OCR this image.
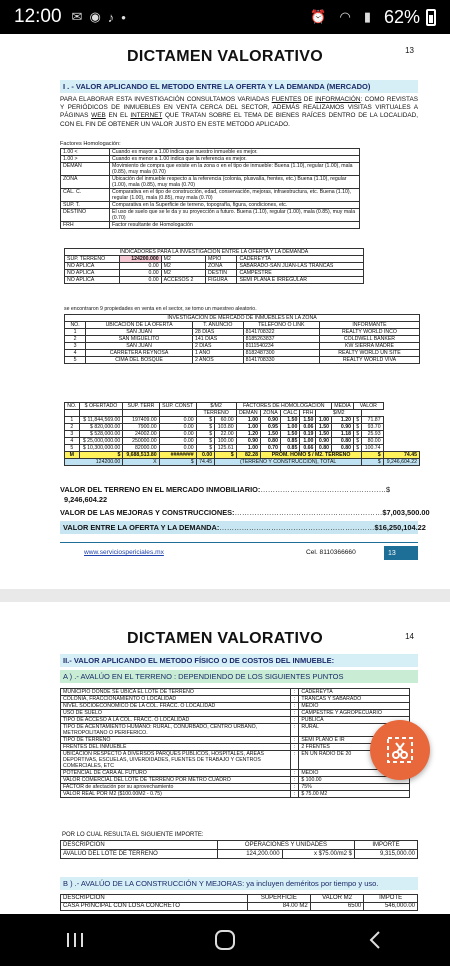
12:00 ✉ ◉ ♪ •	⏰ ◠ ▮ 62%
13
DICTAMEN VALORATIVO
I . - VALOR APLICANDO EL METODO ENTRE LA OFERTA Y LA DEMANDA (MERCADO)
PARA ELABORAR ESTA INVESTIGACIÓN CONSULTAMOS VARIADAS FUENTES DE INFORMACIÓN: COMO REVISTAS Y PERIÓDICOS DE INMUEBLES EN VENTA CERCA DEL SECTOR, ADEMÁS REALIZAMOS VISITAS VIRTUALES A PÁGINAS WEB EN EL INTERNET QUE TRATAN SOBRE EL TEMA DE BIENES RAÍCES DENTRO DE LA LOCALIDAD, CON EL FIN DE OBTENER UN VALOR JUSTO EN ESTE METODO APLICADO.
Factores Homologación:
1.00 <	Cuando es mayor a 1.00 indica que nuestro inmueble es mejor.
1.00 >	Cuando es menor a 1.00 indica que la referencia es mejor.
DEMAN	Movimiento de compra que existe en la zona o en el tipo de inmueble: Buena (1.10), regular (1.00), mala (0.85), muy mala (0.70)
ZONA	Ubicación del inmueble respecto a la referencia (colonia, plusvalía, frentes, etc.) Buena (1.10), regular (1.00), mala (0.85), muy mala (0.70)
CAL. C.	Comparativa en el tipo de construcción, edad, conservación, mejoras, infraestructura, etc. Buena (1.10), regular (1.00), mala (0.85), muy mala (0.70)
SUP. T.	Comparativa en la Superficie de terreno, topografía, figura, condiciones, etc.
DESTINO	El uso de suelo que se le da y su proyección a futuro. Buena (1.10), regular (1.00), mala (0.85), muy mala (0.70)
FRH	Factor resultante de Homologación
INDICADORES PARA LA INVESTIGACION ENTRE LA OFERTA Y LA DEMANDA				
SUP. TERRENO	124200.000	M2	MPIO	CADEREYTA
NO APLICA	0.00	M2	ZONA	SABARADO-SAN JUAN-LAS TRANCAS
NO APLICA	0.00	M2	DESTIN	CAMPESTRE
NO APLICA	0.00	ACCESOS 2	FIGURA	SEMI PLANA E IRREGULAR
se encontraron 9 propiedades en venta en el sector, se tomo un muestreo aleatorio.
INVESTIGACION DE MERCADO DE INMUEBLES EN LA ZONA				
NO.	UBICACIÓN DE LA OFERTA	T. ANUNCIO	TELÉFONO O LINK	INFORMANTE
1	SAN JUAN	28 DIAS	8141708322	REALTY WORLD INCO
2	SAN MIGUELITO	141 DIAS	8185263837	COLDWELL BANKER
3	SAN JUAN	2 DIAS	8111540234	KW SIERRA MADRE
4	CARRETERA REYNOSA	1 AÑO	8182487300	REALTY WORLD UN SITE
5	CIMA DEL BOSQUE	2 AÑOS	8141708330	REALTY WORLD VIVA
NO.	$ OFERTADO	SUP. TERR	SUP. CONST	$/M2		FACTORES DE HOMOLOGACION					MEDIA	VALOR		
				TERRENO		DEMAN	ZONA	CALC	FRH	$/M2				
1	$ 11,844,569.00	197409.00	0.00	$	60.00	1.00	0.90	1.50	1.50	1.00	1.20	$	71.87	
2	$ 820,000.00	7900.00	0.00	$	103.80	1.00	0.95	1.00	0.06	1.50	0.90	$	93.70	
3	$ 528,000.00	24002.00	0.00	$	22.00	1.20	1.50	1.50	0.19	1.50	1.18	$	25.93	
4	$ 25,000,000.00	250000.00	0.00	$	100.00	0.90	0.80	0.85	1.00	0.90	0.80	$	80.00	
5	$ 10,300,000.00	82000.00	0.00	$	125.61	1.00	0.70	0.85	0.66	0.80	0.80	$	100.74	
M	$	9,688,513.80	########	0.00	$	82.28	PROM. HOMO $ / M2. TERRENO						$	74.45
124200.00		X	$	74.45	(TERRENO Y CONSTRUCCION), TOTAL								$	9,246,604.22
VALOR DEL TERRENO EN EL MERCADO INMOBILIARIO:……………………………………………$
9,246,604.22
VALOR DE LAS MEJORAS Y CONSTRUCCIONES:……………………………………………………$7,003,500.00
VALOR ENTRE LA OFERTA Y LA DEMANDA:………………………………………………………$16,250,104.22
www.serviciospericiales.mx	Cel. 8110366660	13
14
DICTAMEN VALORATIVO
II.- VALOR APLICANDO EL METODO FÍSICO O DE COSTOS DEL INMUEBLE:
A ) .- AVALÚO EN EL TERRENO : DEPENDIENDO DE LOS SIGUIENTES PUNTOS
MUNICIPIO DONDE SE UBICA EL LOTE DE TERRENO	:	CADEREYTA
COLONIA, FRACCIONAMIENTO O LOCALIDAD	:	TRANCAS Y SABARADO
NIVEL SOCIOECONOMICO DE LA COL. FRACC. O LOCALIDAD	:	MEDIO
USO DE SUELO	:	CAMPESTRE Y AGROPECUARIO
TIPO DE ACCESO A LA COL. FRACC. O LOCALIDAD	:	PUBLICA
TIPO DE ACENTAMIENTO HUMANO: RURAL, CONURBADO, CENTRO URBANO, METROPOLITANO O PERIFERICO.	:	RURAL
TIPO DE TERRENO	:	SEMI PLANO E IR
FRENTES DEL INMUEBLE	:	2 FRENTES
UBICACIÓN RESPECTO A DIVERSOS PARQUES PUBLICOS, HOSPITALES, ÁREAS DEPORTIVAS, ESCUELAS, UIVERDIDADES, FUENTES DE TRABAJO Y CENTROS COMERCIALES, ETC	:	EN UN RADIO DE 20
POTENCIAL DE CARA AL FUTURO	:	MEDIO
VALOR COMERCIAL DEL LOTE DE TERRENO POR METRO CUADRO	:	$ 100.00
FACTOR de afectación por su aprovechamiento	:	75%
VALOR REAL POR M2 ($100.00M2 - 0.75)	:	$ 75.00 M2
POR LO CUAL RESULTA EL SIGUIENTE IMPORTE:
DESCRIPCION	OPERACIONES Y UNIDADES		IMPORTE
AVALUO DEL LOTE DE TERRENO	124,200.000	x $75.00/m2 $	9,315,000.00
B ) .- AVALÚO DE LA CONSTRUCCIÓN Y MEJORAS: ya incluyen deméritos por tiempo y uso.
DESCRIPCION	SUPERFICIE	VALOR M2	IMPOTE
CASA PRINCIPAL CON LOSA CONCRETO	84.00 M2	6500	546,000.00
